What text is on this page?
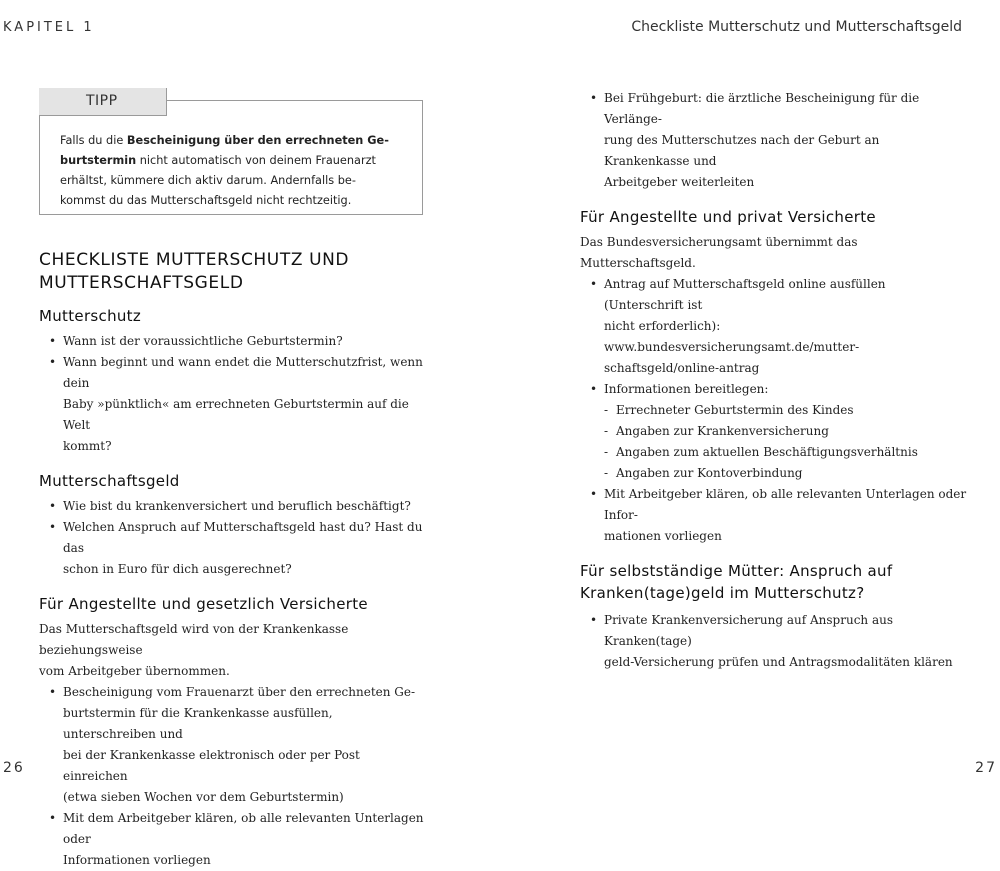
KAPITEL 1	Checkliste Mutterschutz und Mutterschaftsgeld
TIPP
Falls du die Bescheinigung über den errechneten Ge-
burtstermin nicht automatisch von deinem Frauenarzt
erhältst, kümmere dich aktiv darum. Andernfalls be-
kommst du das Mutterschaftsgeld nicht rechtzeitig.
CHECKLISTE MUTTERSCHUTZ UND
MUTTERSCHAFTSGELD
Mutterschutz
• Wann ist der voraussichtliche Geburtstermin?
• Wann beginnt und wann endet die Mutterschutzfrist, wenn dein
Baby »pünktlich« am errechneten Geburtstermin auf die Welt
kommt?
Mutterschaftsgeld
• Wie bist du krankenversichert und beruflich beschäftigt?
• Welchen Anspruch auf Mutterschaftsgeld hast du? Hast du das
schon in Euro für dich ausgerechnet?
Für Angestellte und gesetzlich Versicherte

Das Mutterschaftsgeld wird von der Krankenkasse beziehungsweise
vom Arbeitgeber übernommen.

• Bescheinigung vom Frauenarzt über den errechneten Ge-
burtstermin für die Krankenkasse ausfüllen, unterschreiben und
bei der Krankenkasse elektronisch oder per Post einreichen
(etwa sieben Wochen vor dem Geburtstermin)
• Mit dem Arbeitgeber klären, ob alle relevanten Unterlagen oder
Informationen vorliegen
• Bei Frühgeburt: die ärztliche Bescheinigung für die Verlänge-
rung des Mutterschutzes nach der Geburt an Krankenkasse und
Arbeitgeber weiterleiten
Für Angestellte und privat Versicherte

Das Bundesversicherungsamt übernimmt das Mutterschaftsgeld.

• Antrag auf Mutterschaftsgeld online ausfüllen (Unterschrift ist
nicht erforderlich): www.bundesversicherungsamt.de/mutter-
schaftsgeld/online-antrag
• Informationen bereitlegen:
- Errechneter Geburtstermin des Kindes
- Angaben zur Krankenversicherung
- Angaben zum aktuellen Beschäftigungsverhältnis
- Angaben zur Kontoverbindung
• Mit Arbeitgeber klären, ob alle relevanten Unterlagen oder Infor-
mationen vorliegen
Für selbstständige Mütter: Anspruch auf
Kranken(tage)geld im Mutterschutz?
• Private Krankenversicherung auf Anspruch aus Kranken(tage)
geld-Versicherung prüfen und Antragsmodalitäten klären
26	27
